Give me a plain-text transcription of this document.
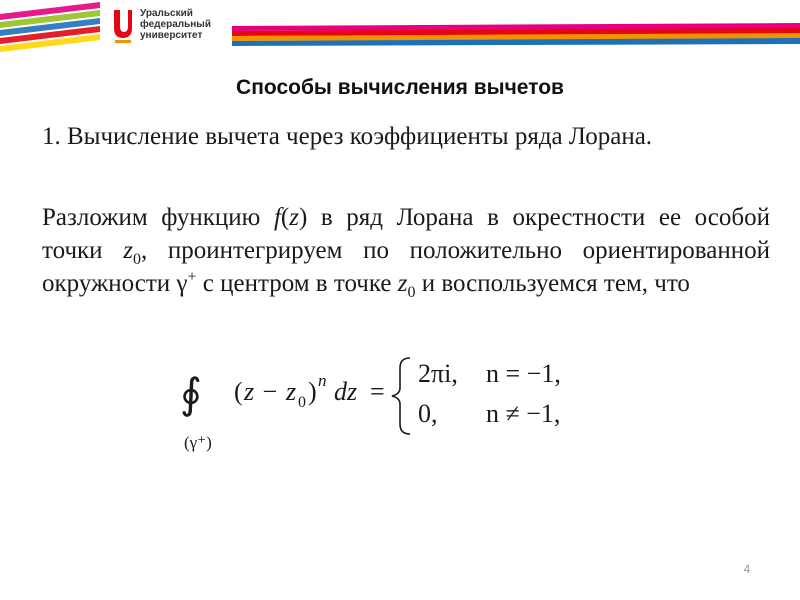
Уральский
федеральный
университет
Способы вычисления вычетов
1. Вычисление вычета через коэффициенты ряда Лорана.
Разложим функцию f(z) в ряд Лорана в окрестности ее особой точки $z_0$, проинтегрируем по положительно ориентированной окружности γ+ с центром в точке $z_0$ и воспользуемся тем, что
∮
(γ⁺)
( z − z 0 ) n dz =
2πi, n = −1,
0, n ≠ −1,
4
